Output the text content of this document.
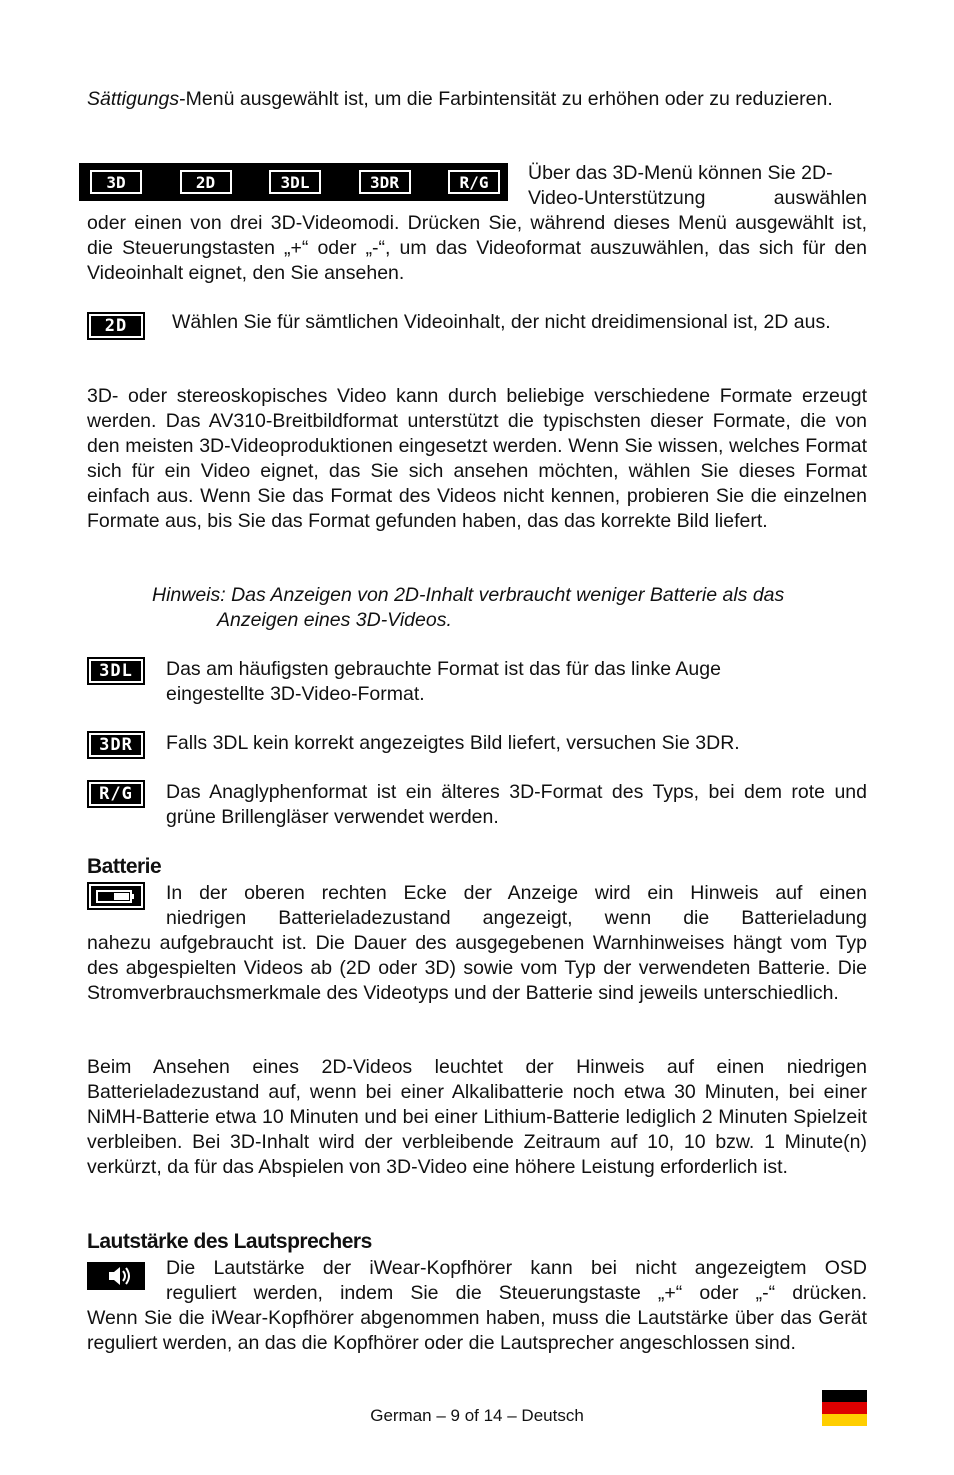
Sättigungs-Menü ausgewählt ist, um die Farbintensität zu erhöhen oder zu reduzieren.

3D	2D	3DL	3DR	R/G	Über das 3D-Menü können Sie 2D-

Video-Unterstützung auswählen

oder einen von drei 3D-Videomodi. Drücken Sie, während dieses Menü ausgewählt ist, die Steuerungstasten „+“ oder „-“, um das Videoformat auszuwählen, das sich für den Videoinhalt eignet, den Sie ansehen.

2D	Wählen Sie für sämtlichen Videoinhalt, der nicht dreidimensional ist, 2D aus.

3D- oder stereoskopisches Video kann durch beliebige verschiedene Formate erzeugt werden. Das AV310-Breitbildformat unterstützt die typischsten dieser Formate, die von den meisten 3D-Videoproduktionen eingesetzt werden. Wenn Sie wissen, welches Format sich für ein Video eignet, das Sie sich ansehen möchten, wählen Sie dieses Format einfach aus. Wenn Sie das Format des Videos nicht kennen, probieren Sie die einzelnen Formate aus, bis Sie das Format gefunden haben, das das korrekte Bild liefert.

Hinweis: Das Anzeigen von 2D-Inhalt verbraucht weniger Batterie als das

Anzeigen eines 3D-Videos.

3DL	Das am häufigsten gebrauchte Format ist das für das linke Auge

eingestellte 3D-Video-Format.

3DR	Falls 3DL kein korrekt angezeigtes Bild liefert, versuchen Sie 3DR.

R/G	Das Anaglyphenformat ist ein älteres 3D-Format des Typs, bei dem rote und grüne Brillengläser verwendet werden.

Batterie

In der oberen rechten Ecke der Anzeige wird ein Hinweis auf einen

niedrigen Batterieladezustand angezeigt, wenn die Batterieladung

nahezu aufgebraucht ist. Die Dauer des ausgegebenen Warnhinweises hängt vom Typ des abgespielten Videos ab (2D oder 3D) sowie vom Typ der verwendeten Batterie. Die Stromverbrauchsmerkmale des Videotyps und der Batterie sind jeweils unterschiedlich.

Beim Ansehen eines 2D-Videos leuchtet der Hinweis auf einen niedrigen Batterieladezustand auf, wenn bei einer Alkalibatterie noch etwa 30 Minuten, bei einer NiMH-Batterie etwa 10 Minuten und bei einer Lithium-Batterie lediglich 2 Minuten Spielzeit verbleiben. Bei 3D-Inhalt wird der verbleibende Zeitraum auf 10, 10 bzw. 1 Minute(n) verkürzt, da für das Abspielen von 3D-Video eine höhere Leistung erforderlich ist.

Lautstärke des Lautsprechers

Die Lautstärke der iWear-Kopfhörer kann bei nicht angezeigtem OSD

reguliert werden, indem Sie die Steuerungstaste „+“ oder „-“ drücken.

Wenn Sie die iWear-Kopfhörer abgenommen haben, muss die Lautstärke über das Gerät reguliert werden, an das die Kopfhörer oder die Lautsprecher angeschlossen sind.

German – 9 of 14 – Deutsch
